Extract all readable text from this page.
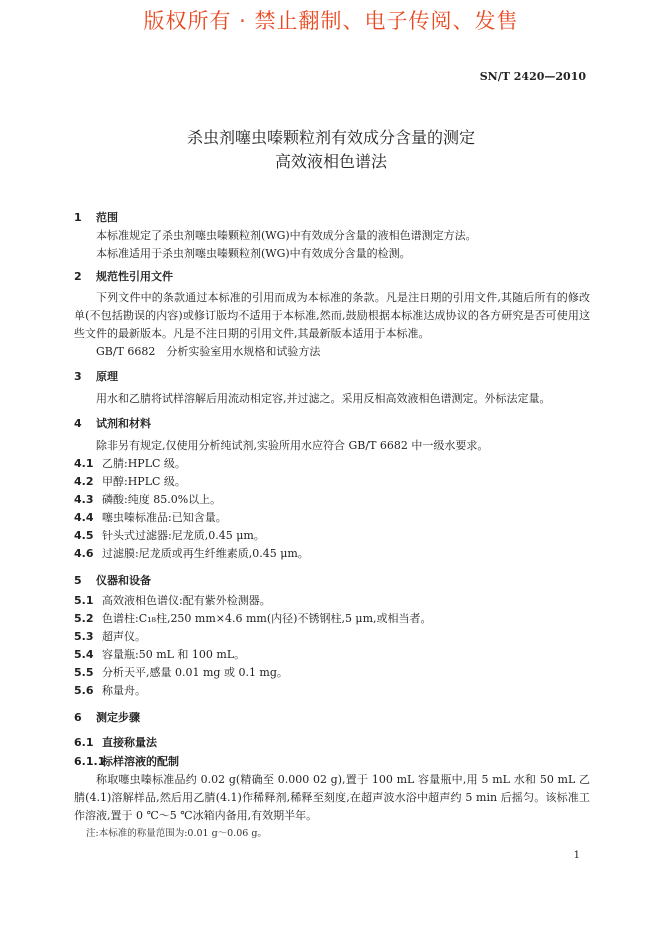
版权所有 · 禁止翻制、电子传阅、发售
SN/T 2420—2010
杀虫剂噻虫嗪颗粒剂有效成分含量的测定
高效液相色谱法
1 范围

本标准规定了杀虫剂噻虫嗪颗粒剂(WG)中有效成分含量的液相色谱测定方法。

本标准适用于杀虫剂噻虫嗪颗粒剂(WG)中有效成分含量的检测。

2 规范性引用文件

下列文件中的条款通过本标准的引用而成为本标准的条款。凡是注日期的引用文件,其随后所有的修改单(不包括勘误的内容)或修订版均不适用于本标准,然而,鼓励根据本标准达成协议的各方研究是否可使用这些文件的最新版本。凡是不注日期的引用文件,其最新版本适用于本标准。

GB/T 6682　分析实验室用水规格和试验方法

3 原理

用水和乙腈将试样溶解后用流动相定容,并过滤之。采用反相高效液相色谱测定。外标法定量。

4 试剂和材料

除非另有规定,仅使用分析纯试剂,实验所用水应符合 GB/T 6682 中一级水要求。

4.1 乙腈:HPLC 级。
4.2 甲醇:HPLC 级。
4.3 磷酸:纯度 85.0%以上。
4.4 噻虫嗪标准品:已知含量。
4.5 针头式过滤器:尼龙质,0.45 μm。
4.6 过滤膜:尼龙质或再生纤维素质,0.45 μm。
5 仪器和设备
5.1 高效液相色谱仪:配有紫外检测器。
5.2 色谱柱:C₁₈柱,250 mm×4.6 mm(内径)不锈钢柱,5 μm,或相当者。
5.3 超声仪。
5.4 容量瓶:50 mL 和 100 mL。
5.5 分析天平,感量 0.01 mg 或 0.1 mg。
5.6 称量舟。
6 测定步骤
6.1 直接称量法
6.1.1标样溶液的配制

称取噻虫嗪标准品约 0.02 g(精确至 0.000 02 g),置于 100 mL 容量瓶中,用 5 mL 水和 50 mL 乙腈(4.1)溶解样品,然后用乙腈(4.1)作稀释剂,稀释至刻度,在超声波水浴中超声约 5 min 后摇匀。该标准工作溶液,置于 0 ℃～5 ℃冰箱内备用,有效期半年。

注:本标准的称量范围为:0.01 g～0.06 g。
1
